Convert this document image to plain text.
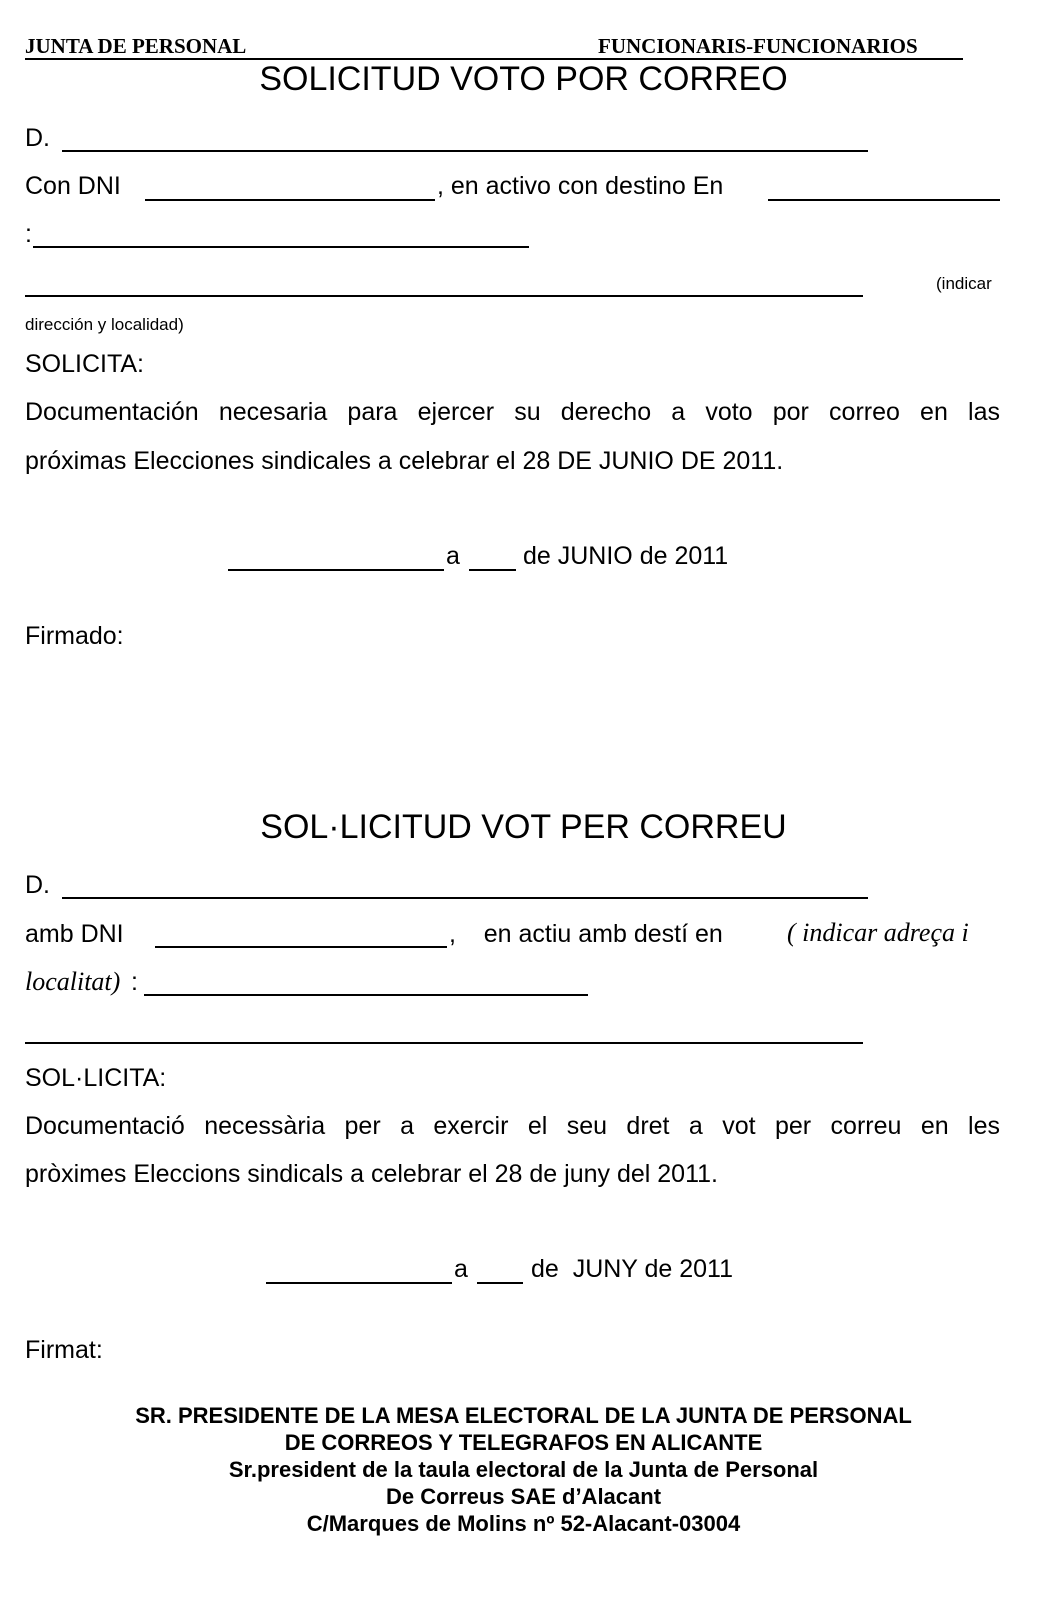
JUNTA DE PERSONAL	FUNCIONARIS-FUNCIONARIOS
SOLICITUD VOTO POR CORREO
D.
Con DNI	, en activo con destino En
:
(indicar
dirección y localidad)
SOLICITA:
Documentación necesaria para ejercer su derecho a voto por correo en las
próximas Elecciones sindicales a celebrar el 28 DE JUNIO DE 2011.
a	de JUNIO de 2011
Firmado:
SOL·LICITUD VOT PER CORREU
D.
amb DNI	,    en actiu amb destí en ( indicar adreça i
localitat) :
SOL·LICITA:
Documentació necessària per a exercir el seu dret a vot per correu en les
pròximes Eleccions sindicals a celebrar el 28 de juny del 2011.
a	de  JUNY de 2011
Firmat:
SR. PRESIDENTE DE LA MESA ELECTORAL DE LA JUNTA DE PERSONAL
DE CORREOS Y TELEGRAFOS EN ALICANTE
Sr.president de la taula electoral de la Junta de Personal
De Correus SAE d’Alacant
C/Marques de Molins nº 52-Alacant-03004
